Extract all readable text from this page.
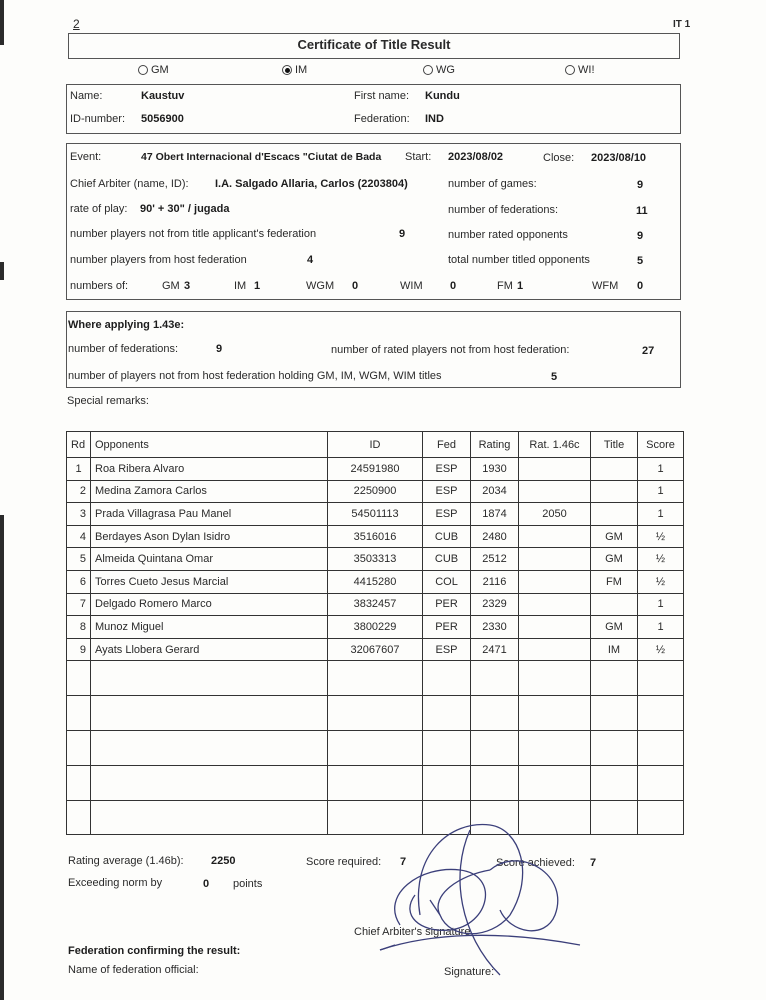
2	IT 1
Certificate of Title Result
GM	IM	WG	WI!
Name:	Kaustuv	First name: Kundu
ID-number: 5056900	Federation: IND
Event:	47 Obert Internacional d'Escacs "Ciutat de Bada Start: 2023/08/02	Close: 2023/08/10
Chief Arbiter (name, ID): I.A. Salgado Allaria, Carlos (2203804)	number of games:	9
rate of play: 90' + 30" / jugada	number of federations:	11
number players not from title applicant's federation	9	number rated opponents	9
number players from host federation	4	total number titled opponents	5
numbers of:	GM 3	IM 1	WGM 0	WIM 0	FM 1	WFM 0
Where applying 1.43e:
number of federations:	9	number of rated players not from host federation:	27
number of players not from host federation holding GM, IM, WGM, WIM titles	5
Special remarks:
Rd	Opponents	ID	Fed	Rating	Rat. 1.46c	Title	Score
1	Roa Ribera Alvaro	24591980	ESP	1930			1
2	Medina Zamora Carlos	2250900	ESP	2034			1
3	Prada Villagrasa Pau Manel	54501113	ESP	1874	2050		1
4	Berdayes Ason Dylan Isidro	3516016	CUB	2480		GM	½
5	Almeida Quintana Omar	3503313	CUB	2512		GM	½
6	Torres Cueto Jesus Marcial	4415280	COL	2116		FM	½
7	Delgado Romero Marco	3832457	PER	2329			1
8	Munoz Miguel	3800229	PER	2330		GM	1
9	Ayats Llobera Gerard	32067607	ESP	2471		IM	½

Rating average (1.46b): 2250	Score required: 7	Score achieved: 7
Exceeding norm by	0 points
Chief Arbiter's signature
Federation confirming the result:
Name of federation official:	Signature:
